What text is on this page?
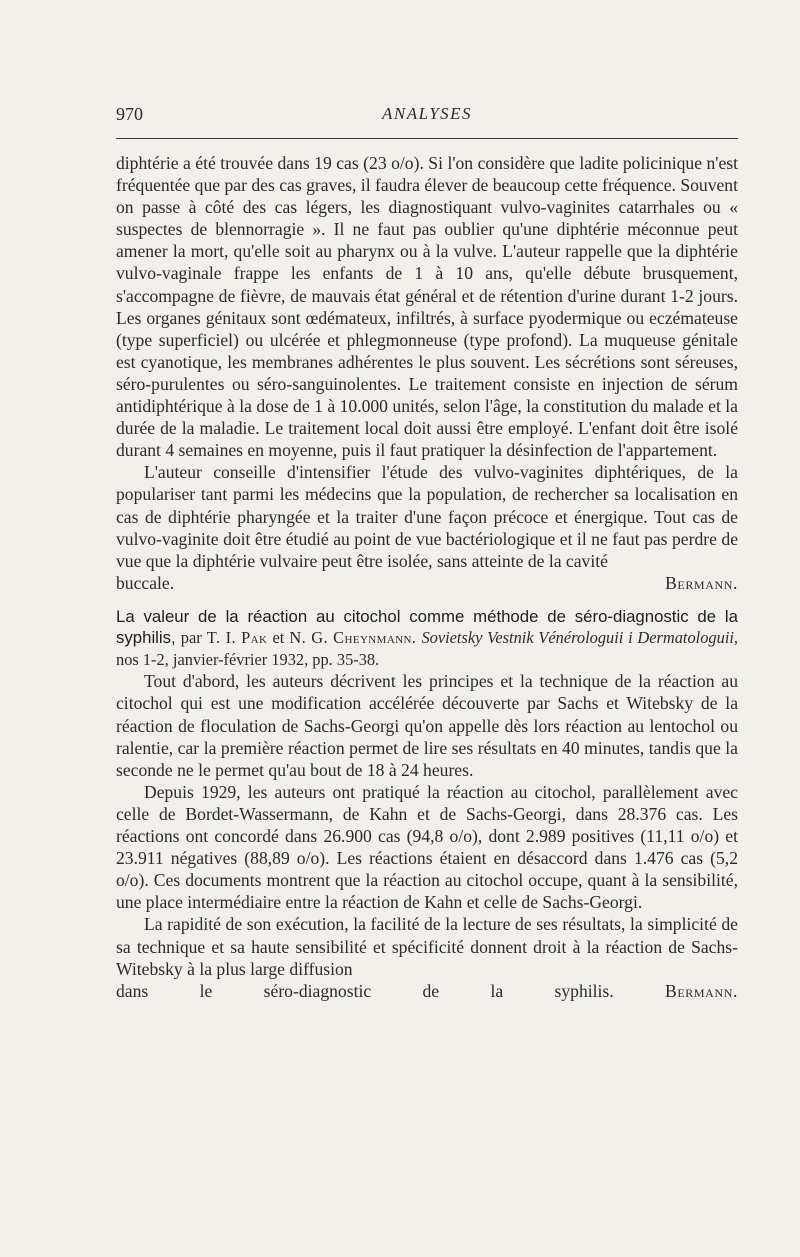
970	ANALYSES

diphtérie a été trouvée dans 19 cas (23 o/o). Si l'on considère que ladite policinique n'est fréquentée que par des cas graves, il faudra élever de beaucoup cette fréquence. Souvent on passe à côté des cas légers, les diagnostiquant vulvo-vaginites catarrhales ou « suspectes de blennorragie ». Il ne faut pas oublier qu'une diphtérie méconnue peut amener la mort, qu'elle soit au pharynx ou à la vulve. L'auteur rappelle que la diphtérie vulvo-vaginale frappe les enfants de 1 à 10 ans, qu'elle débute brusquement, s'accompagne de fièvre, de mauvais état général et de rétention d'urine durant 1-2 jours. Les organes génitaux sont œdémateux, infiltrés, à surface pyodermique ou eczémateuse (type superficiel) ou ulcérée et phlegmonneuse (type profond). La muqueuse génitale est cyanotique, les membranes adhérentes le plus souvent. Les sécrétions sont séreuses, séro-purulentes ou séro-sanguinolentes. Le traitement consiste en injection de sérum antidiphtérique à la dose de 1 à 10.000 unités, selon l'âge, la constitution du malade et la durée de la maladie. Le traitement local doit aussi être employé. L'enfant doit être isolé durant 4 semaines en moyenne, puis il faut pratiquer la désinfection de l'appartement.

L'auteur conseille d'intensifier l'étude des vulvo-vaginites diphtériques, de la populariser tant parmi les médecins que la population, de rechercher sa localisation en cas de diphtérie pharyngée et la traiter d'une façon précoce et énergique. Tout cas de vulvo-vaginite doit être étudié au point de vue bactériologique et il ne faut pas perdre de vue que la diphtérie vulvaire peut être isolée, sans atteinte de la cavité

buccale.	Bermann.

La valeur de la réaction au citochol comme méthode de séro-diagnostic de la syphilis, par T. I. Pak et N. G. Cheynmann. Sovietsky Vestnik Vénérologuii i Dermatologuii, nos 1-2, janvier-février 1932, pp. 35-38.

Tout d'abord, les auteurs décrivent les principes et la technique de la réaction au citochol qui est une modification accélérée découverte par Sachs et Witebsky de la réaction de floculation de Sachs-Georgi qu'on appelle dès lors réaction au lentochol ou ralentie, car la première réaction permet de lire ses résultats en 40 minutes, tandis que la seconde ne le permet qu'au bout de 18 à 24 heures.

Depuis 1929, les auteurs ont pratiqué la réaction au citochol, parallèlement avec celle de Bordet-Wassermann, de Kahn et de Sachs-Georgi, dans 28.376 cas. Les réactions ont concordé dans 26.900 cas (94,8 o/o), dont 2.989 positives (11,11 o/o) et 23.911 négatives (88,89 o/o). Les réactions étaient en désaccord dans 1.476 cas (5,2 o/o). Ces documents montrent que la réaction au citochol occupe, quant à la sensibilité, une place intermédiaire entre la réaction de Kahn et celle de Sachs-Georgi.

La rapidité de son exécution, la facilité de la lecture de ses résultats, la simplicité de sa technique et sa haute sensibilité et spécificité donnent droit à la réaction de Sachs-Witebsky à la plus large diffusion

dans le séro-diagnostic de la syphilis.	Bermann.
